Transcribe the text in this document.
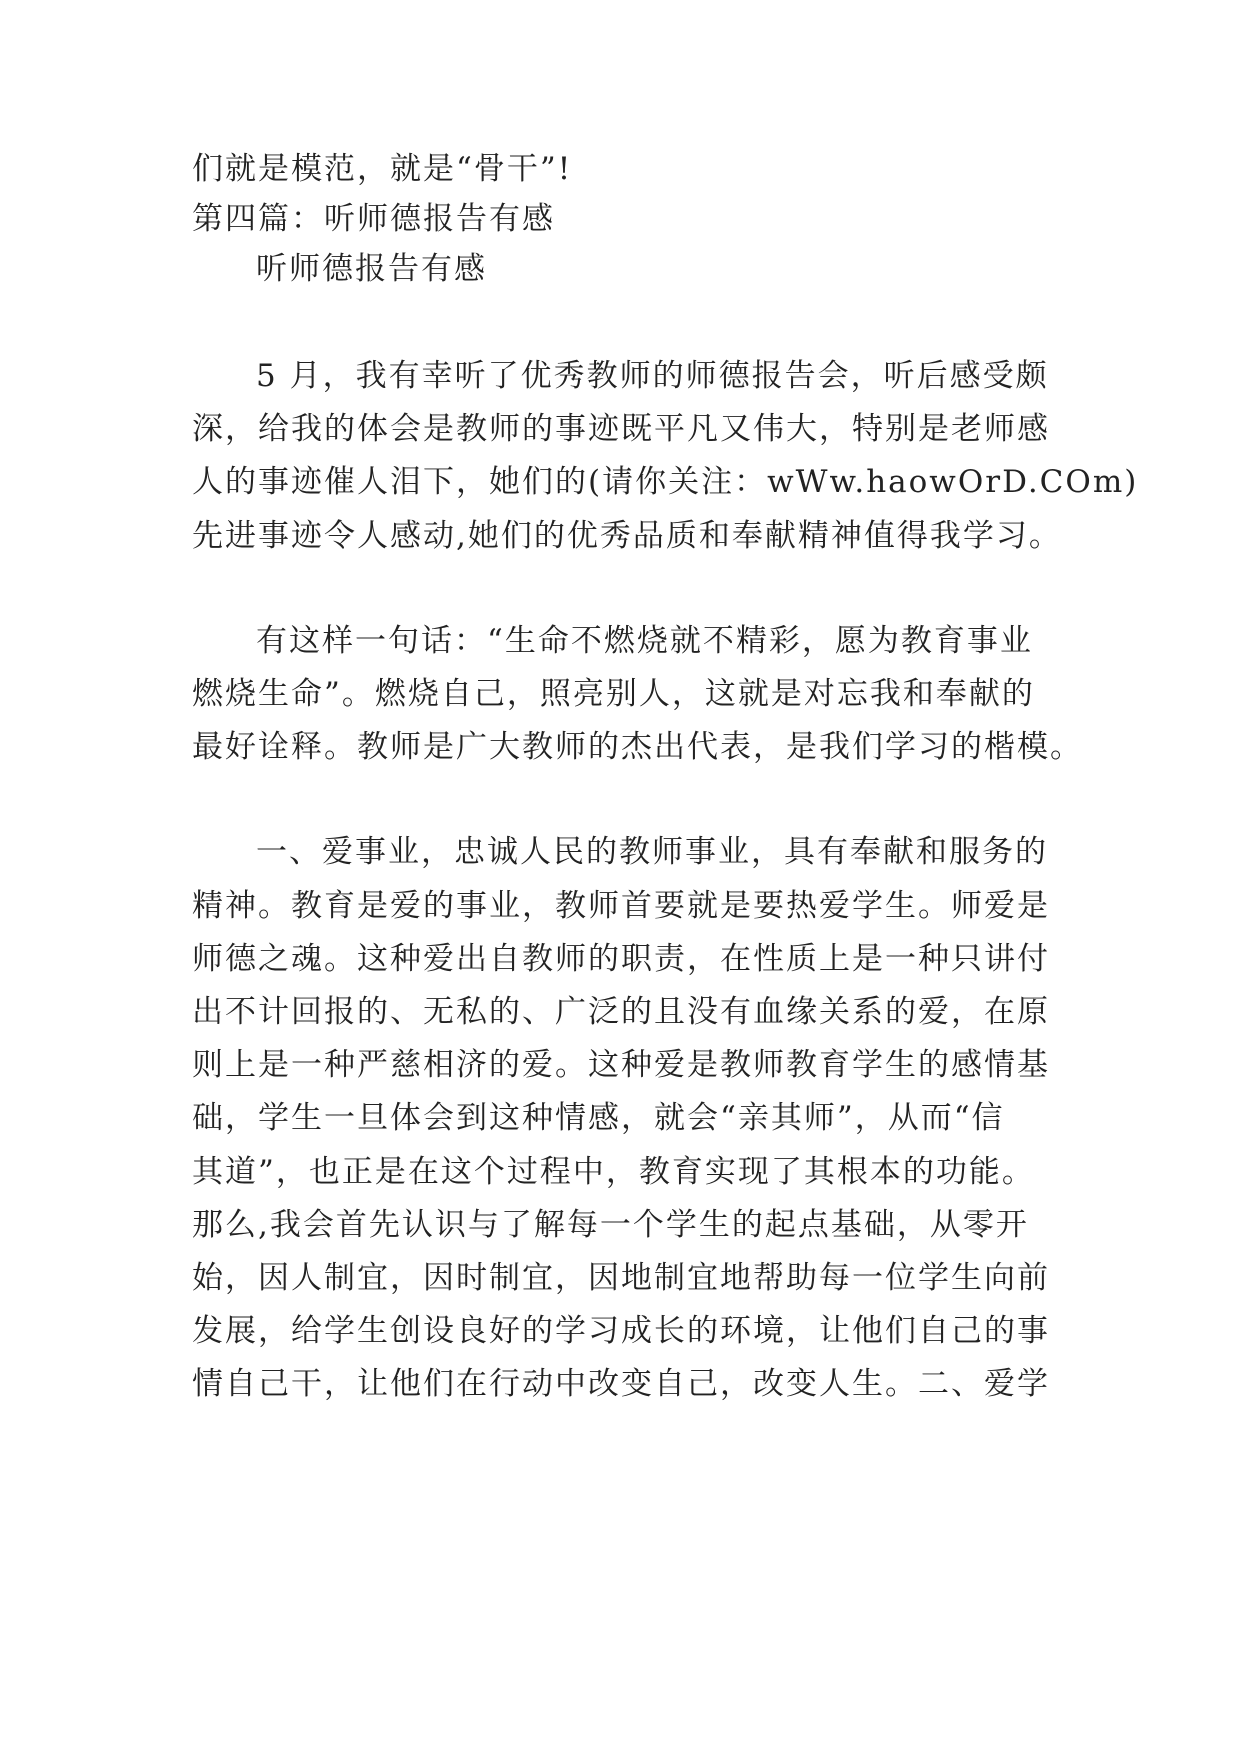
们就是模范，就是“骨干”!
第四篇：听师德报告有感
听师德报告有感
5 月，我有幸听了优秀教师的师德报告会，听后感受颇
深，给我的体会是教师的事迹既平凡又伟大，特别是老师感
人的事迹催人泪下，她们的(请你关注：wWw.haowOrD.COm)
先进事迹令人感动,她们的优秀品质和奉献精神值得我学习。
有这样一句话：“生命不燃烧就不精彩，愿为教育事业
燃烧生命”。燃烧自己，照亮别人，这就是对忘我和奉献的
最好诠释。教师是广大教师的杰出代表，是我们学习的楷模。
一、爱事业，忠诚人民的教师事业，具有奉献和服务的
精神。教育是爱的事业，教师首要就是要热爱学生。师爱是
师德之魂。这种爱出自教师的职责，在性质上是一种只讲付
出不计回报的、无私的、广泛的且没有血缘关系的爱，在原
则上是一种严慈相济的爱。这种爱是教师教育学生的感情基
础，学生一旦体会到这种情感，就会“亲其师”，从而“信
其道”，也正是在这个过程中，教育实现了其根本的功能。
那么,我会首先认识与了解每一个学生的起点基础，从零开
始，因人制宜，因时制宜，因地制宜地帮助每一位学生向前
发展，给学生创设良好的学习成长的环境，让他们自己的事
情自己干，让他们在行动中改变自己，改变人生。二、爱学
